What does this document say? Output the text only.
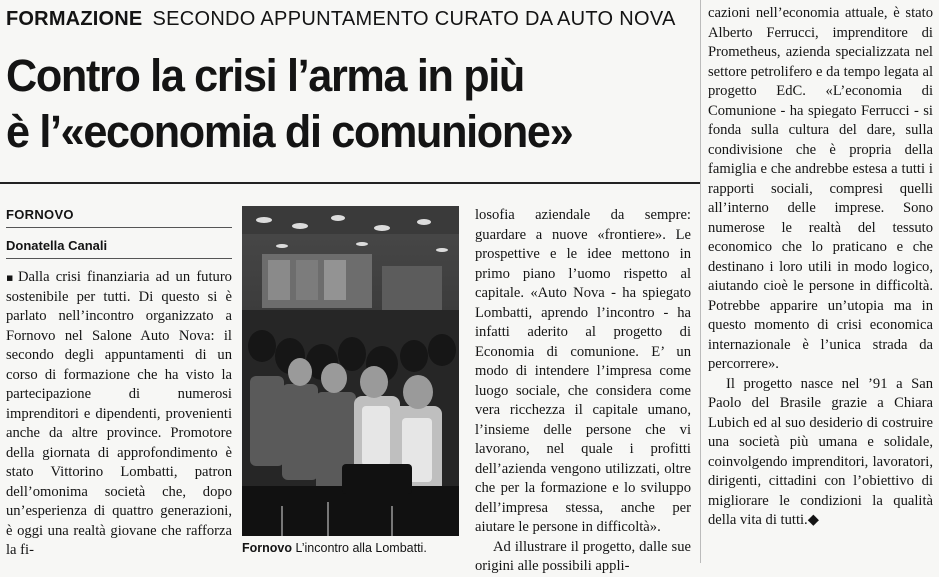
FORMAZIONE SECONDO APPUNTAMENTO CURATO DA AUTO NOVA
Contro la crisi l’arma in più
è l’«economia di comunione»
FORNOVO
Donatella Canali

▪ Dalla crisi finanziaria ad un futuro sostenibile per tutti. Di questo si è parlato nell’incontro organizzato a Fornovo nel Salone Auto Nova: il secondo degli appuntamenti di un corso di formazione che ha visto la partecipazione di numerosi imprenditori e dipendenti, provenienti anche da altre province. Promotore della giornata di approfondimento è stato Vittorino Lombatti, patron dell’omonima società che, dopo un’esperienza di quattro generazioni, è oggi una realtà giovane che rafforza la fi-	Fornovo L’incontro alla Lombatti.

losofia aziendale da sempre: guardare a nuove «frontiere». Le prospettive e le idee mettono in primo piano l’uomo rispetto al capitale. «Auto Nova - ha spiegato Lombatti, aprendo l’incontro - ha infatti aderito al progetto di Economia di comunione. E’ un modo di intendere l’impresa come luogo sociale, che considera come vera ricchezza il capitale umano, l’insieme delle persone che vi lavorano, nel quale i profitti dell’azienda vengono utilizzati, oltre che per la formazione e lo sviluppo dell’impresa stessa, anche per aiutare le persone in difficoltà».

Ad illustrare il progetto, dalle sue origini alle possibili appli-

cazioni nell’economia attuale, è stato Alberto Ferrucci, imprenditore di Prometheus, azienda specializzata nel settore petrolifero e da tempo legata al progetto EdC. «L’economia di Comunione - ha spiegato Ferrucci - si fonda sulla cultura del dare, sulla condivisione che è propria della famiglia e che andrebbe estesa a tutti i rapporti sociali, compresi quelli all’interno delle imprese. Sono numerose le realtà del tessuto economico che lo praticano e che destinano i loro utili in modo logico, aiutando cioè le persone in difficoltà. Potrebbe apparire un’utopia ma in questo momento di crisi economica internazionale è l’unica strada da percorrere».

Il progetto nasce nel ’91 a San Paolo del Brasile grazie a Chiara Lubich ed al suo desiderio di costruire una società più umana e solidale, coinvolgendo imprenditori, lavoratori, dirigenti, cittadini con l’obiettivo di migliorare le condizioni la qualità della vita di tutti.◆
